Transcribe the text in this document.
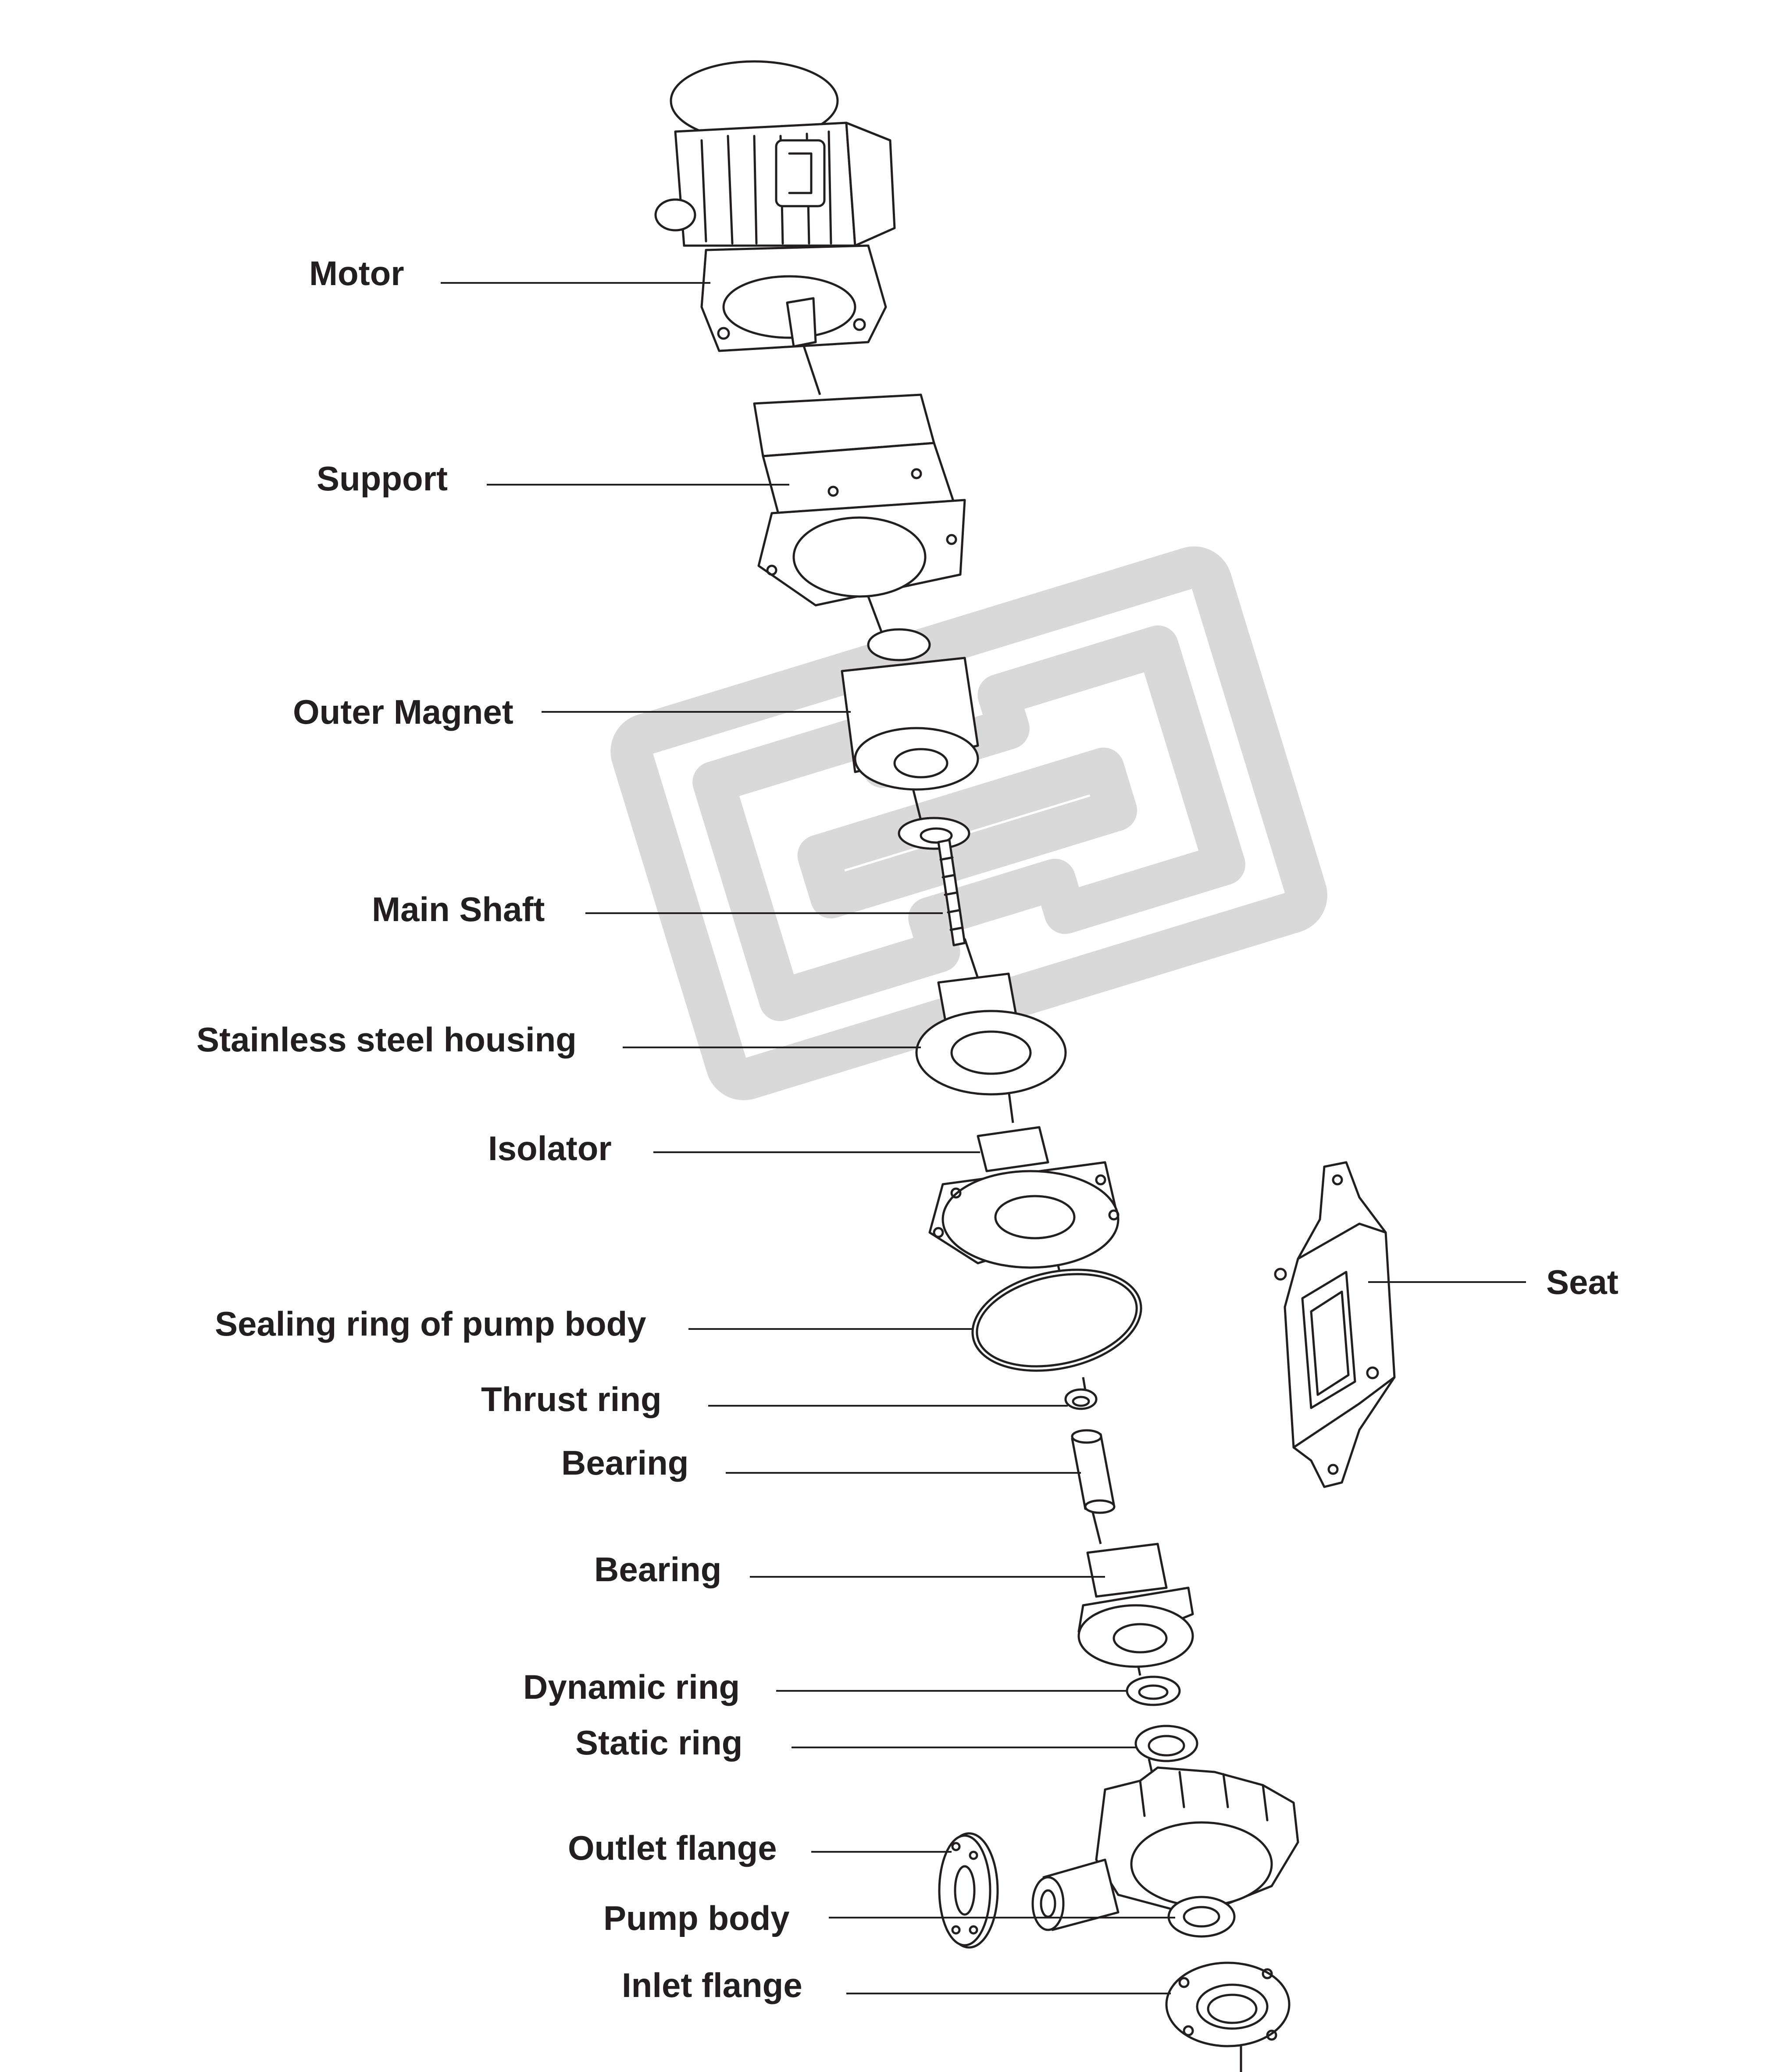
Motor
Support
Outer Magnet
Main Shaft
Stainless steel housing
Isolator
Seat
Sealing ring of pump body
Thrust ring
Bearing
Bearing
Dynamic ring
Static ring
Outlet flange
Pump body
Inlet flange
